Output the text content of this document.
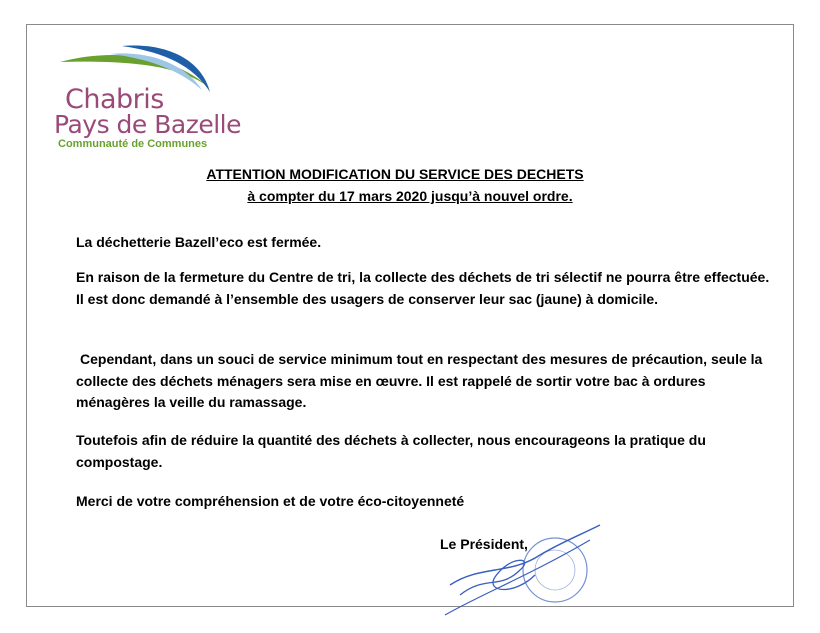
Chabris
Pays de Bazelle
Communauté de Communes
ATTENTION MODIFICATION DU SERVICE DES DECHETS
à compter du 17 mars 2020 jusqu’à nouvel ordre.
La déchetterie Bazell’eco est fermée.
En raison de la fermeture du Centre de tri, la collecte des déchets de tri sélectif ne pourra être effectuée. Il est donc demandé à l’ensemble des usagers de conserver leur sac (jaune) à domicile.
Cependant, dans un souci de service minimum tout en respectant des mesures de précaution, seule la collecte des déchets ménagers sera mise en œuvre. Il est rappelé de sortir votre bac à ordures ménagères la veille du ramassage.
Toutefois afin de réduire la quantité des déchets à collecter, nous encourageons la pratique du compostage.
Merci de votre compréhension et de votre éco-citoyenneté
Le Président,
